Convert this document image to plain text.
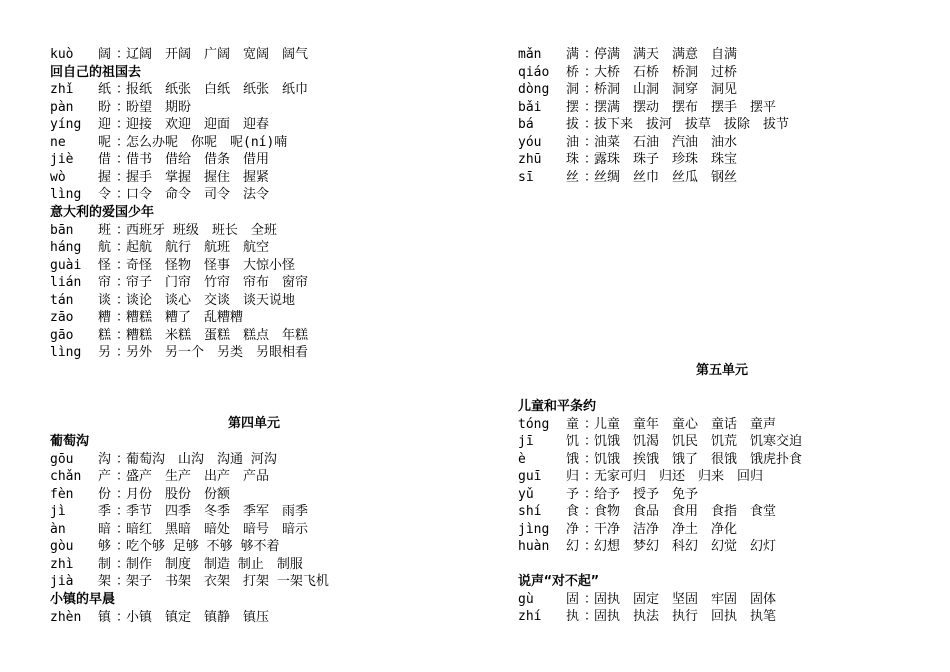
kuò 阔 ：辽阔　开阔　广阔　宽阔　阔气
回自己的祖国去
zhǐ 纸 ：报纸　纸张　白纸　纸张　纸巾
pàn 盼 ：盼望　期盼
yíng 迎 ：迎接　欢迎　迎面　迎春
ne 呢 ：怎么办呢　你呢　呢(ní)喃
jiè 借 ：借书　借给　借条　借用
wò 握 ：握手　掌握　握住　握紧
lìng 令 ：口令　命令　司令　法令
意大利的爱国少年
bān 班 ：西班牙 班级　班长　全班
háng 航 ：起航　航行　航班　航空
guài 怪 ：奇怪　怪物　怪事　大惊小怪
lián 帘 ：帘子　门帘　竹帘　帘布　窗帘
tán 谈 ：谈论　谈心　交谈　谈天说地
zāo 糟 ：糟糕　糟了　乱糟糟
gāo 糕 ：糟糕　米糕　蛋糕　糕点　年糕
lìng 另 ：另外　另一个　另类　另眼相看
第四单元
葡萄沟
gōu 沟 ：葡萄沟　山沟　沟通 河沟
chǎn 产 ：盛产　生产　出产　产品
fèn 份 ：月份　股份　份额
jì 季 ：季节　四季　冬季　季军　雨季
àn 暗 ：暗红　黑暗　暗处　暗号　暗示
gòu 够 ：吃个够 足够 不够 够不着
zhì 制 ：制作　制度　制造 制止　制服
jià 架 ：架子　书架　衣架　打架 一架飞机
小镇的早晨
zhèn 镇 ：小镇　镇定　镇静　镇压
mǎn 满 ：停满　满天　满意　自满
qiáo 桥 ：大桥　石桥　桥洞　过桥
dòng 洞 ：桥洞　山洞　洞穿　洞见
bǎi 摆 ：摆满　摆动　摆布　摆手　摆平
bá 拔 ：拔下来　拔河　拔草　拔除　拔节
yóu 油 ：油菜　石油　汽油　油水
zhū 珠 ：露珠　珠子　珍珠　珠宝
sī 丝 ：丝绸　丝巾　丝瓜　钢丝
第五单元
儿童和平条约
tóng 童 ：儿童　童年　童心　童话　童声
jī 饥 ：饥饿　饥渴　饥民　饥荒　饥寒交迫
è	饿 ：饥饿　挨饿　饿了　很饿　饿虎扑食
guī 归 ：无家可归　归还　归来　回归
yǔ 予 ：给予　授予　免予
shí 食 ：食物　食品　食用　食指　食堂
jìng 净 ：干净　洁净　净土　净化
huàn 幻 ：幻想　梦幻　科幻　幻觉　幻灯
说声“对不起”
gù 固 ：固执　固定　坚固　牢固　固体
zhí 执 ：固执　执法　执行　回执　执笔
